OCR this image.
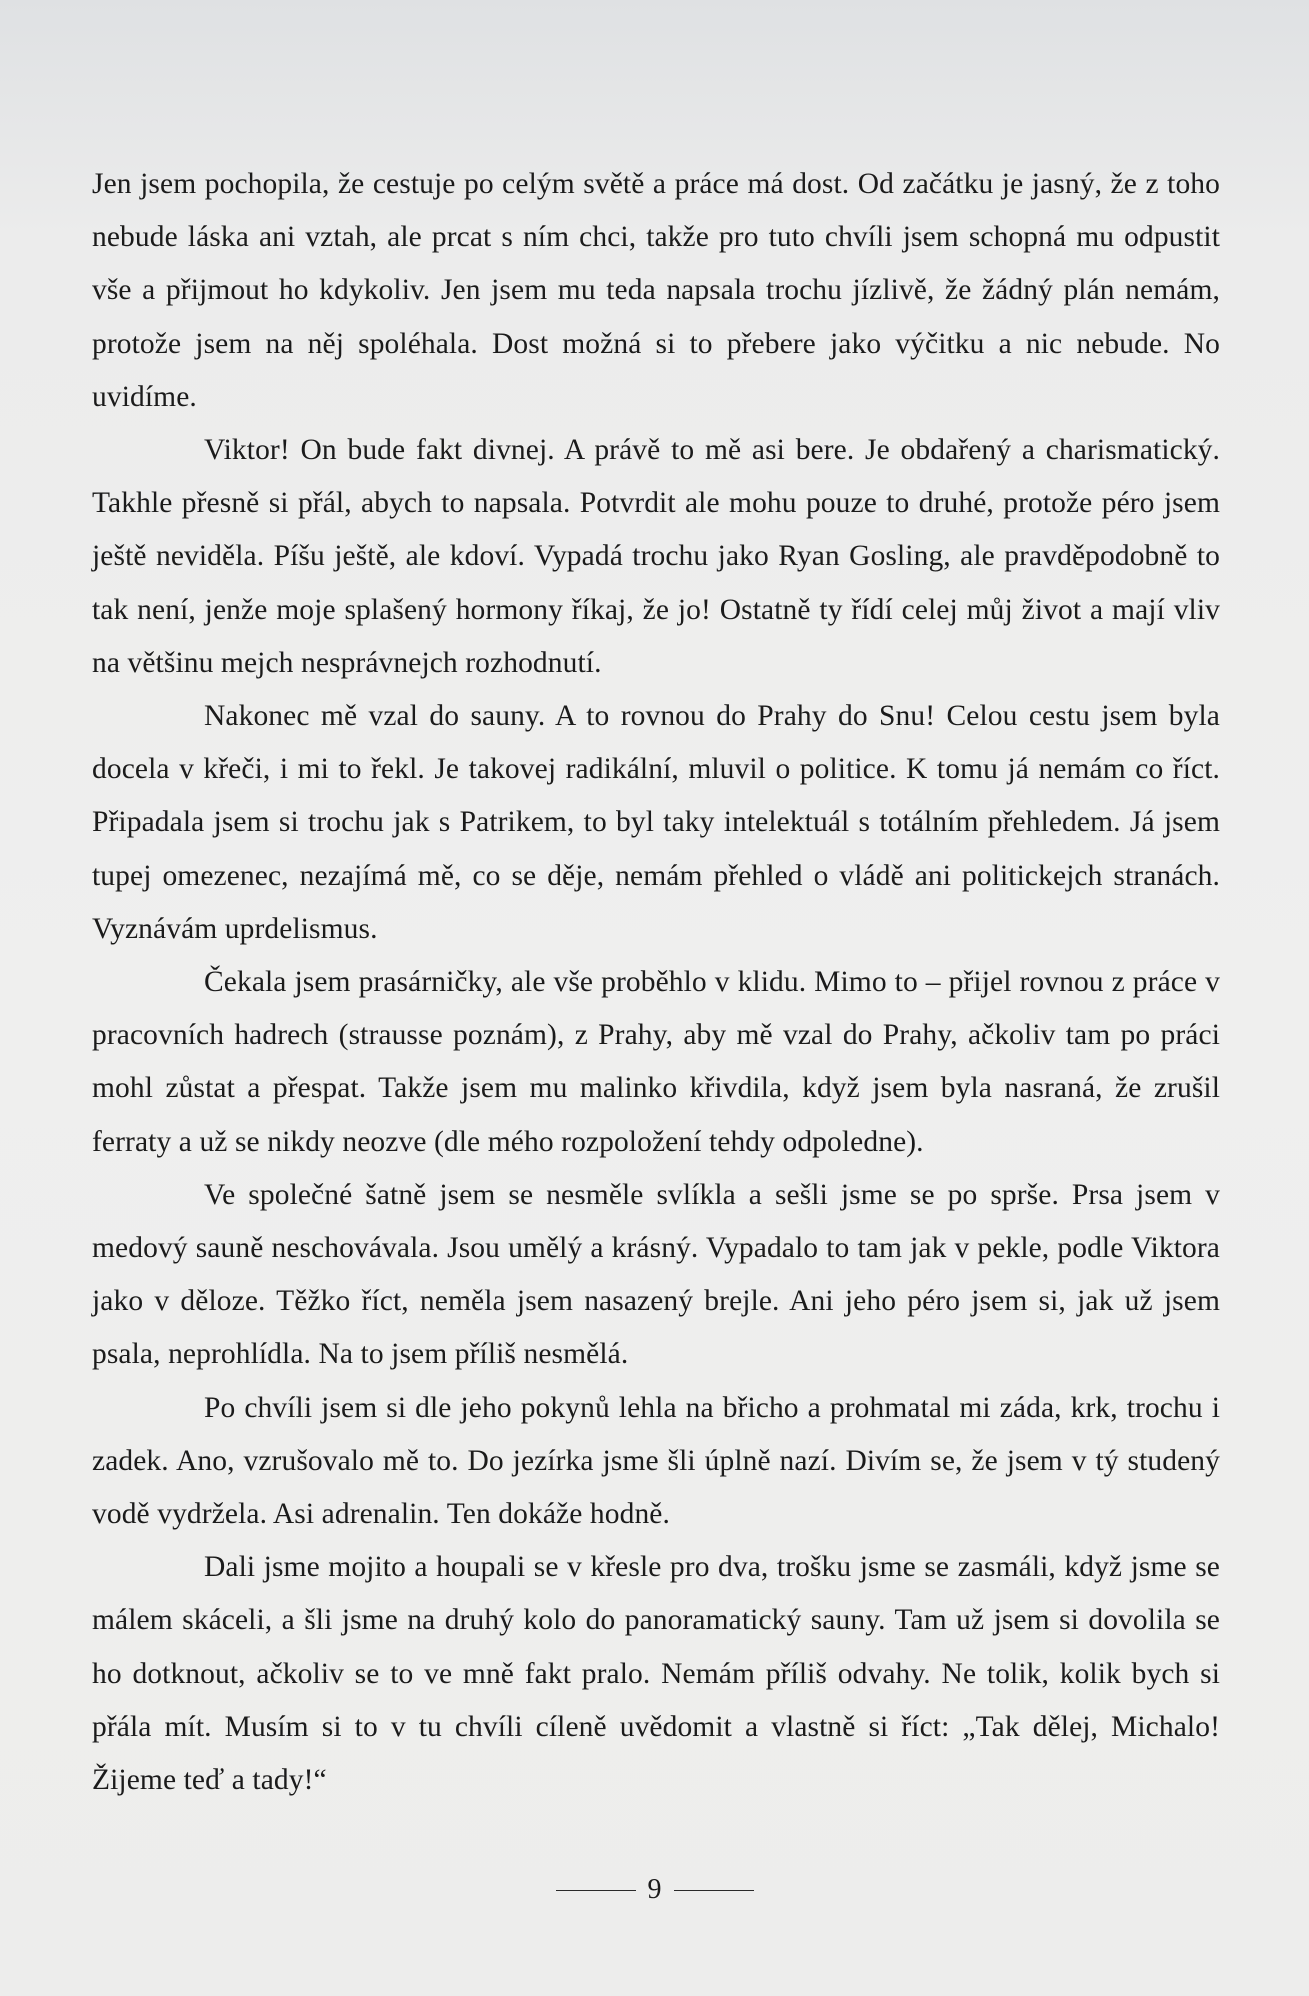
Jen jsem pochopila, že cestuje po celým světě a práce má dost. Od začátku je jasný, že z toho nebude láska ani vztah, ale prcat s ním chci, takže pro tuto chvíli jsem schopná mu odpustit vše a přijmout ho kdykoliv. Jen jsem mu teda napsala trochu jízlivě, že žádný plán nemám, protože jsem na něj spoléhala. Dost možná si to přebere jako výčitku a nic nebude. No uvidíme.

Viktor! On bude fakt divnej. A právě to mě asi bere. Je obdařený a charismatický. Takhle přesně si přál, abych to napsala. Potvrdit ale mohu pouze to druhé, protože péro jsem ještě neviděla. Píšu ještě, ale kdoví. Vypadá trochu jako Ryan Gosling, ale pravděpodobně to tak není, jenže moje splašený hormony říkaj, že jo! Ostatně ty řídí celej můj život a mají vliv na většinu mejch nesprávnejch rozhodnutí.

Nakonec mě vzal do sauny. A to rovnou do Prahy do Snu! Celou cestu jsem byla docela v křeči, i mi to řekl. Je takovej radikální, mluvil o politice. K tomu já nemám co říct. Připadala jsem si trochu jak s Patrikem, to byl taky intelektuál s totálním přehledem. Já jsem tupej omezenec, nezajímá mě, co se děje, nemám přehled o vládě ani politickejch stranách. Vyznávám uprdelismus.

Čekala jsem prasárničky, ale vše proběhlo v klidu. Mimo to – přijel rovnou z práce v pracovních hadrech (strausse poznám), z Prahy, aby mě vzal do Prahy, ačkoliv tam po práci mohl zůstat a přespat. Takže jsem mu malinko křivdila, když jsem byla nasraná, že zrušil ferraty a už se nikdy neozve (dle mého rozpoložení tehdy odpoledne).

Ve společné šatně jsem se nesměle svlíkla a sešli jsme se po sprše. Prsa jsem v medový sauně neschovávala. Jsou umělý a krásný. Vypadalo to tam jak v pekle, podle Viktora jako v děloze. Těžko říct, neměla jsem nasazený brejle. Ani jeho péro jsem si, jak už jsem psala, neprohlídla. Na to jsem příliš nesmělá.

Po chvíli jsem si dle jeho pokynů lehla na břicho a prohmatal mi záda, krk, trochu i zadek. Ano, vzrušovalo mě to. Do jezírka jsme šli úplně nazí. Divím se, že jsem v tý studený vodě vydržela. Asi adrenalin. Ten dokáže hodně.

Dali jsme mojito a houpali se v křesle pro dva, trošku jsme se zasmáli, když jsme se málem skáceli, a šli jsme na druhý kolo do panoramatický sauny. Tam už jsem si dovolila se ho dotknout, ačkoliv se to ve mně fakt pralo. Nemám příliš odvahy. Ne tolik, kolik bych si přála mít. Musím si to v tu chvíli cíleně uvědomit a vlastně si říct: „Tak dělej, Michalo! Žijeme teď a tady!“

9
